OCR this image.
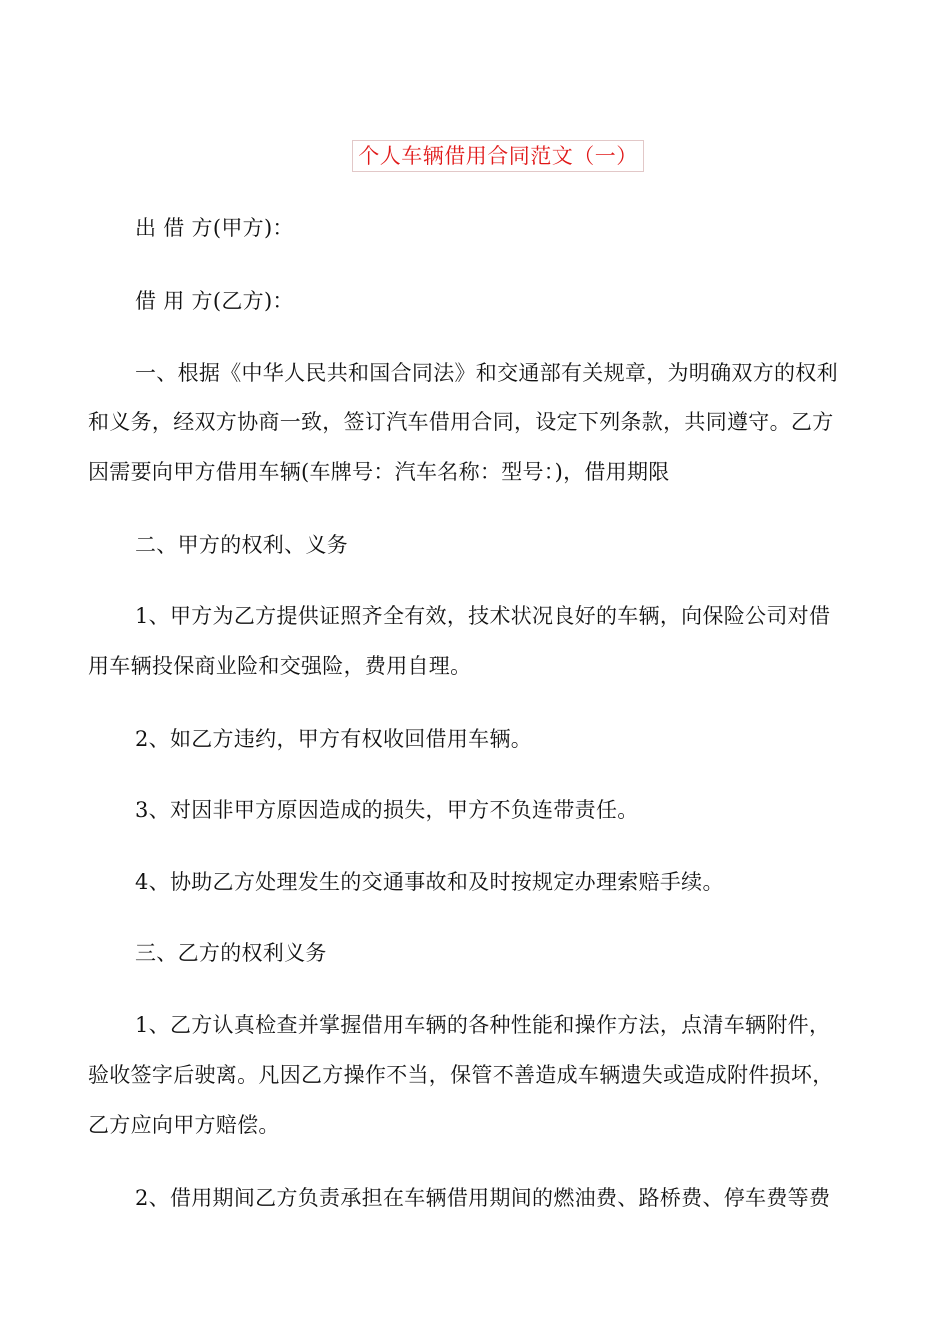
个人车辆借用合同范文（一）
出 借 方(甲方)：
借 用 方(乙方)：
一、根据《中华人民共和国合同法》和交通部有关规章，为明确双方的权利
和义务，经双方协商一致，签订汽车借用合同，设定下列条款，共同遵守。乙方
因需要向甲方借用车辆(车牌号：汽车名称：型号：)，借用期限
二、甲方的权利、义务
1、甲方为乙方提供证照齐全有效，技术状况良好的车辆，向保险公司对借
用车辆投保商业险和交强险，费用自理。
2、如乙方违约，甲方有权收回借用车辆。
3、对因非甲方原因造成的损失，甲方不负连带责任。
4、协助乙方处理发生的交通事故和及时按规定办理索赔手续。
三、乙方的权利义务
1、乙方认真检查并掌握借用车辆的各种性能和操作方法，点清车辆附件，
验收签字后驶离。凡因乙方操作不当，保管不善造成车辆遗失或造成附件损坏，
乙方应向甲方赔偿。
2、借用期间乙方负责承担在车辆借用期间的燃油费、路桥费、停车费等费
